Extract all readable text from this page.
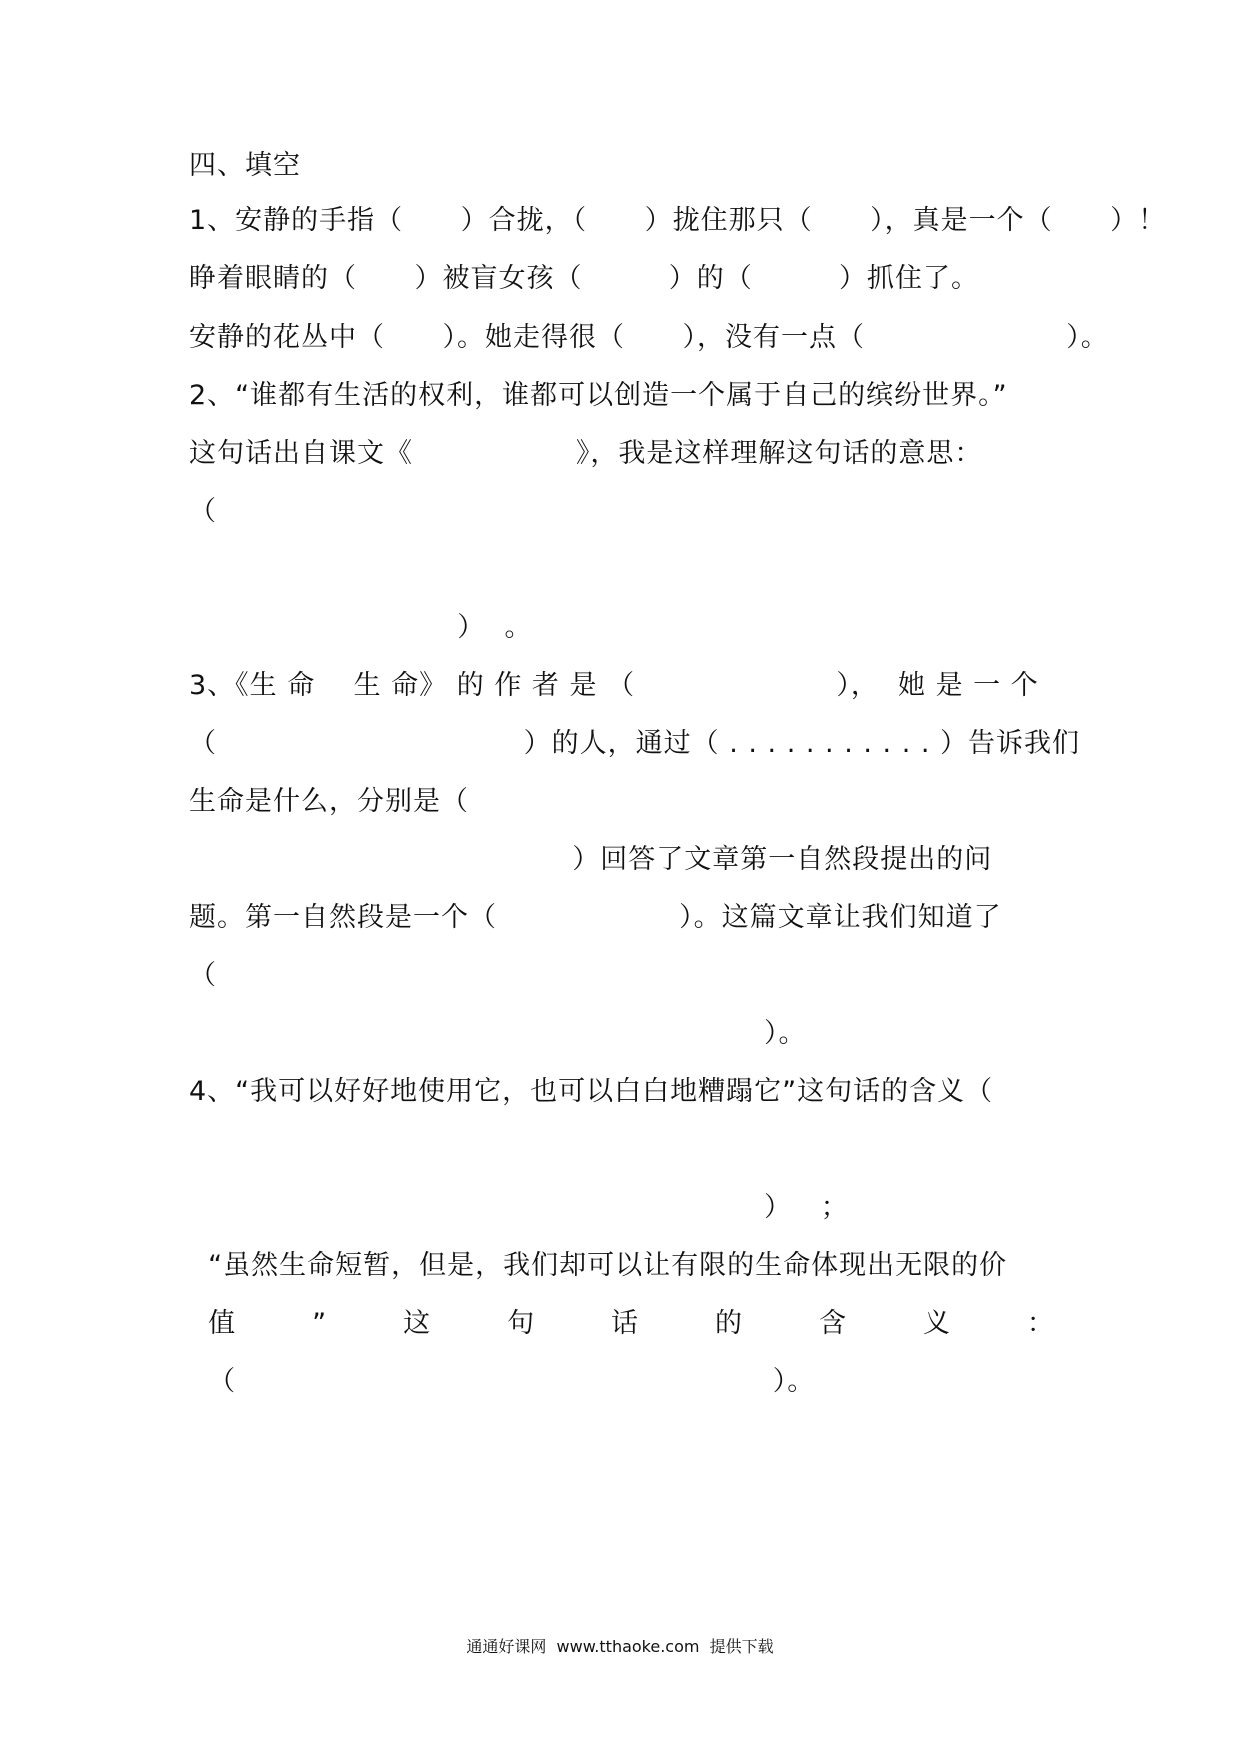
四、填空
1、安静的手指（      ）合拢，（      ）拢住那只（      ），真是一个（      ）！
睁着眼睛的（      ）被盲女孩（         ）的（         ）抓住了。
安静的花丛中（      ）。她走得很（      ），没有一点（                     ）。
2、“谁都有生活的权利，谁都可以创造一个属于自己的缤纷世界。”
这句话出自课文《                 》，我是这样理解这句话的意思：
（
）  。
3、《生 命    生 命》 的 作 者 是 （                     ），  她 是 一 个
（                                ）的人，通过（ . . . . . . . . . . . ）告诉我们
生命是什么，分别是（
）回答了文章第一自然段提出的问
题。第一自然段是一个（                   ）。这篇文章让我们知道了
（
）。
4、“我可以好好地使用它，也可以白白地糟蹋它”这句话的含义（
）   ；
“虽然生命短暂，但是，我们却可以让有限的生命体现出无限的价
值	”	这	句	话	的	含	义	：
（                                                        ）。
通通好课网  www.tthaoke.com  提供下载
